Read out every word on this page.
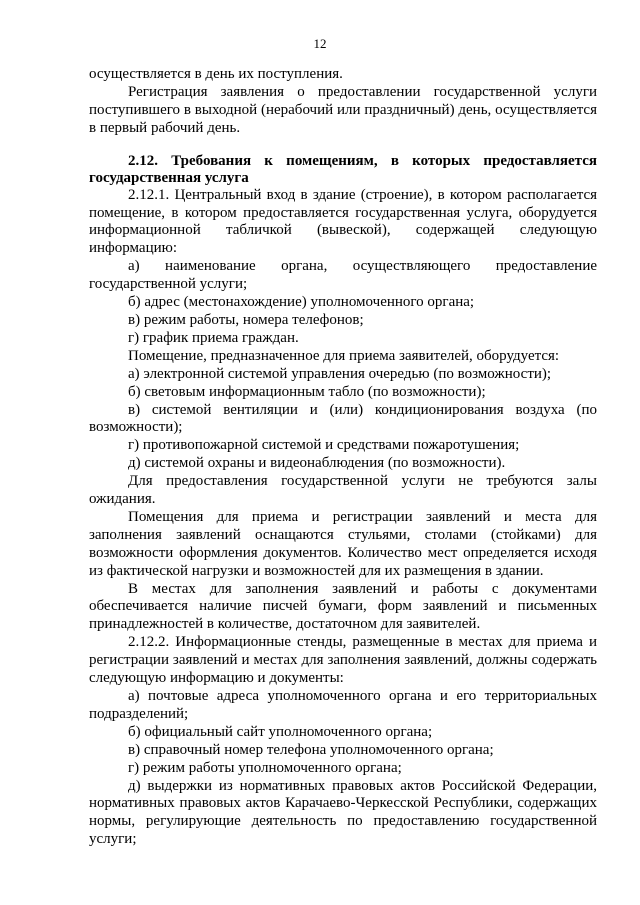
12

осуществляется в день их поступления.

Регистрация заявления о предоставлении государственной услуги поступившего в выходной (нерабочий или праздничный) день, осуществляется в первый рабочий день.

2.12. Требования к помещениям, в которых предоставляется государственная услуга

2.12.1. Центральный вход в здание (строение), в котором располагается помещение, в котором предоставляется государственная услуга, оборудуется информационной табличкой (вывеской), содержащей следующую информацию:

а) наименование органа, осуществляющего предоставление государственной услуги;

б) адрес (местонахождение) уполномоченного органа;

в) режим работы, номера телефонов;

г) график приема граждан.

Помещение, предназначенное для приема заявителей, оборудуется:

а) электронной системой управления очередью (по возможности);

б) световым информационным табло (по возможности);

в) системой вентиляции и (или) кондиционирования воздуха (по возможности);

г) противопожарной системой и средствами пожаротушения;

д) системой охраны и видеонаблюдения (по возможности).

Для предоставления государственной услуги не требуются залы ожидания.

Помещения для приема и регистрации заявлений и места для заполнения заявлений оснащаются стульями, столами (стойками) для возможности оформления документов. Количество мест определяется исходя из фактической нагрузки и возможностей для их размещения в здании.

В местах для заполнения заявлений и работы с документами обеспечивается наличие писчей бумаги, форм заявлений и письменных принадлежностей в количестве, достаточном для заявителей.

2.12.2. Информационные стенды, размещенные в местах для приема и регистрации заявлений и местах для заполнения заявлений, должны содержать следующую информацию и документы:

а) почтовые адреса уполномоченного органа и его территориальных подразделений;

б) официальный сайт уполномоченного органа;

в) справочный номер телефона уполномоченного органа;

г) режим работы уполномоченного органа;

д) выдержки из нормативных правовых актов Российской Федерации, нормативных правовых актов Карачаево-Черкесской Республики, содержащих нормы, регулирующие деятельность по предоставлению государственной услуги;
